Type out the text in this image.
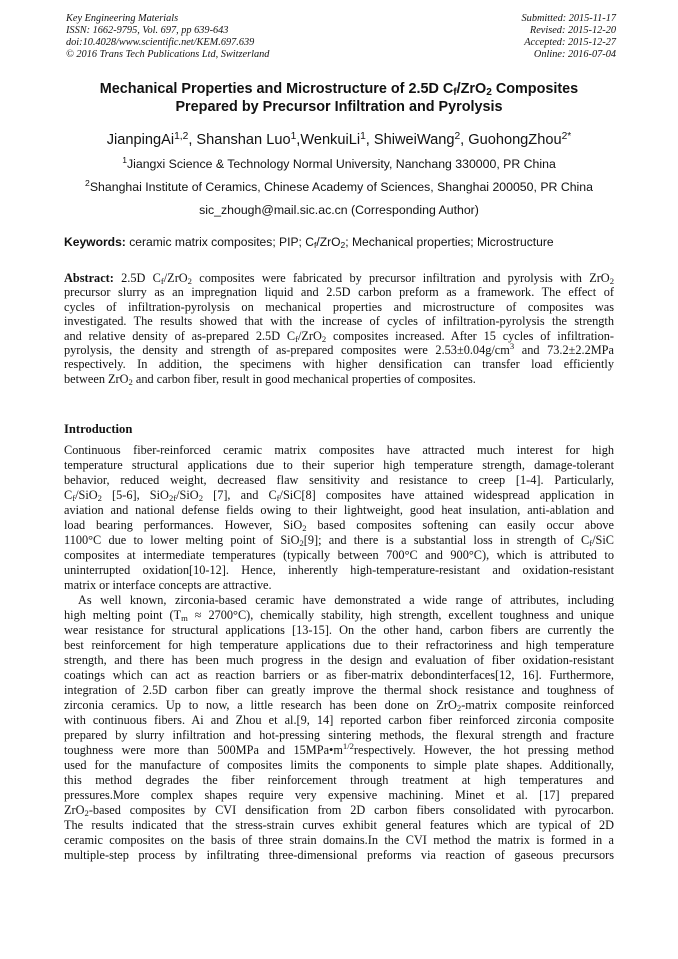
Key Engineering Materials
ISSN: 1662-9795, Vol. 697, pp 639-643
doi:10.4028/www.scientific.net/KEM.697.639
© 2016 Trans Tech Publications Ltd, Switzerland
Submitted: 2015-11-17
Revised: 2015-12-20
Accepted: 2015-12-27
Online: 2016-07-04
Mechanical Properties and Microstructure of 2.5D $C_f/ZrO_2$ Composites
Prepared by Precursor Infiltration and Pyrolysis
JianpingAi$^{1,2}$, Shanshan Luo$^1$,WenkuiLi$^1$, ShiweiWang$^2$, GuohongZhou$^{2*}$
$^1$Jiangxi Science & Technology Normal University, Nanchang 330000, PR China
$^2$Shanghai Institute of Ceramics, Chinese Academy of Sciences, Shanghai 200050, PR China
sic_zhough@mail.sic.ac.cn (Corresponding Author)
Keywords: ceramic matrix composites; PIP; $C_f/ZrO_2$; Mechanical properties; Microstructure
Abstract: 2.5D $C_f/ZrO_2$ composites were fabricated by precursor infiltration and pyrolysis with ZrO$_2$
precursor slurry as an impregnation liquid and 2.5D carbon preform as a framework. The effect of
cycles of infiltration-pyrolysis on mechanical properties and microstructure of composites was
investigated. The results showed that with the increase of cycles of infiltration-pyrolysis the strength
and relative density of as-prepared 2.5D $C_f/ZrO_2$ composites increased. After 15 cycles of infiltration-
pyrolysis, the density and strength of as-prepared composites were $2.53\pm 0.04g/cm^3$ and 73.2±2.2MPa
respectively. In addition, the specimens with higher densification can transfer load efficiently
between ZrO$_2$ and carbon fiber, result in good mechanical properties of composites.
Introduction
Continuous fiber-reinforced ceramic matrix composites have attracted much interest for high
temperature structural applications due to their superior high temperature strength, damage-tolerant
behavior, reduced weight, decreased flaw sensitivity and resistance to creep [1-4]. Particularly,
$C_f/SiO_2$ [5-6], SiO$_{2f}$/SiO$_2$ [7], and $C_f/SiC[8]$ composites have attained widespread application in
aviation and national defense fields owing to their lightweight, good heat insulation, anti-ablation and
load bearing performances. However, SiO$_2$ based composites softening can easily occur above
1100°C due to lower melting point of SiO$_2$[9]; and there is a substantial loss in strength of $C_f$/SiC
composites at intermediate temperatures (typically between 700°C and 900°C), which is attributed to
uninterrupted oxidation[10-12]. Hence, inherently high-temperature-resistant and oxidation-resistant
matrix or interface concepts are attractive.
As well known, zirconia-based ceramic have demonstrated a wide range of attributes, including
high melting point $(T_m \approx 2700^\circ C)$, chemically stability, high strength, excellent toughness and unique
wear resistance for structural applications [13-15]. On the other hand, carbon fibers are currently the
best reinforcement for high temperature applications due to their refractoriness and high temperature
strength, and there has been much progress in the design and evaluation of fiber oxidation-resistant
coatings which can act as reaction barriers or as fiber-matrix debondinterfaces[12, 16]. Furthermore,
integration of 2.5D carbon fiber can greatly improve the thermal shock resistance and toughness of
zirconia ceramics. Up to now, a little research has been done on ZrO$_2$-matrix composite reinforced
with continuous fibers. Ai and Zhou et al.[9, 14] reported carbon fiber reinforced zirconia composite
prepared by slurry infiltration and hot-pressing sintering methods, the flexural strength and fracture
toughness were more than 500MPa and $15MPa•m^{1/2}respectively$. However, the hot pressing method
used for the manufacture of composites limits the components to simple plate shapes. Additionally,
this method degrades the fiber reinforcement through treatment at high temperatures and
pressures.More complex shapes require very expensive machining. Minet et al. [17] prepared
ZrO$_2$-based composites by CVI densification from 2D carbon fibers consolidated with pyrocarbon.
The results indicated that the stress-strain curves exhibit general features which are typical of 2D
ceramic composites on the basis of three strain domains.In the CVI method the matrix is formed in a
multiple-step process by infiltrating three-dimensional preforms via reaction of gaseous precursors
